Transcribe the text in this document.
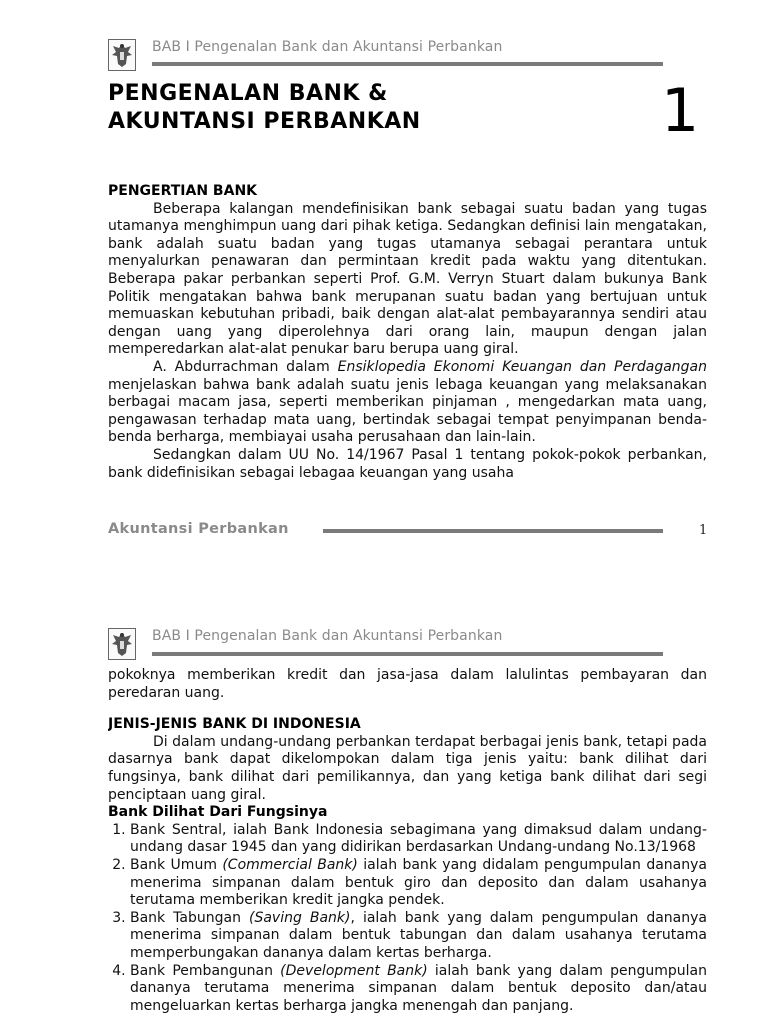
BAB I Pengenalan Bank dan Akuntansi Perbankan
PENGENALAN BANK &
AKUNTANSI PERBANKAN	1

PENGERTIAN BANK

Beberapa kalangan mendefinisikan bank sebagai suatu badan yang tugas utamanya menghimpun uang dari pihak ketiga. Sedangkan definisi lain mengatakan, bank adalah suatu badan yang tugas utamanya sebagai perantara untuk menyalurkan penawaran dan permintaan kredit pada waktu yang ditentukan. Beberapa pakar perbankan seperti Prof. G.M. Verryn Stuart dalam bukunya Bank Politik mengatakan bahwa bank merupanan suatu badan yang bertujuan untuk memuaskan kebutuhan pribadi, baik dengan alat-alat pembayarannya sendiri atau dengan uang yang diperolehnya dari orang lain, maupun dengan jalan memperedarkan alat-alat penukar baru berupa uang giral.

A. Abdurrachman dalam Ensiklopedia Ekonomi Keuangan dan Perdagangan menjelaskan bahwa bank adalah suatu jenis lebaga keuangan yang melaksanakan berbagai macam jasa, seperti memberikan pinjaman , mengedarkan mata uang, pengawasan terhadap mata uang, bertindak sebagai tempat penyimpanan benda-benda berharga, membiayai usaha perusahaan dan lain-lain.

Sedangkan dalam UU No. 14/1967 Pasal 1 tentang pokok-pokok perbankan, bank didefinisikan sebagai lebagaa keuangan yang usaha

Akuntansi Perbankan	1
BAB I Pengenalan Bank dan Akuntansi Perbankan

pokoknya memberikan kredit dan jasa-jasa dalam lalulintas pembayaran dan peredaran uang.

JENIS-JENIS BANK DI INDONESIA

Di dalam undang-undang perbankan terdapat berbagai jenis bank, tetapi pada dasarnya bank dapat dikelompokan dalam tiga jenis yaitu: bank dilihat dari fungsinya, bank dilihat dari pemilikannya, dan yang ketiga bank dilihat dari segi penciptaan uang giral.

Bank Dilihat Dari Fungsinya

1. Bank Sentral, ialah Bank Indonesia sebagimana yang dimaksud dalam undang-undang dasar 1945 dan yang didirikan berdasarkan Undang-undang No.13/1968
2. Bank Umum (Commercial Bank) ialah bank yang didalam pengumpulan dananya menerima simpanan dalam bentuk giro dan deposito dan dalam usahanya terutama memberikan kredit jangka pendek.
3. Bank Tabungan (Saving Bank), ialah bank yang dalam pengumpulan dananya menerima simpanan dalam bentuk tabungan dan dalam usahanya terutama memperbungakan dananya dalam kertas berharga.
4. Bank Pembangunan (Development Bank) ialah bank yang dalam pengumpulan dananya terutama menerima simpanan dalam bentuk deposito dan/atau mengeluarkan kertas berharga jangka menengah dan panjang.
